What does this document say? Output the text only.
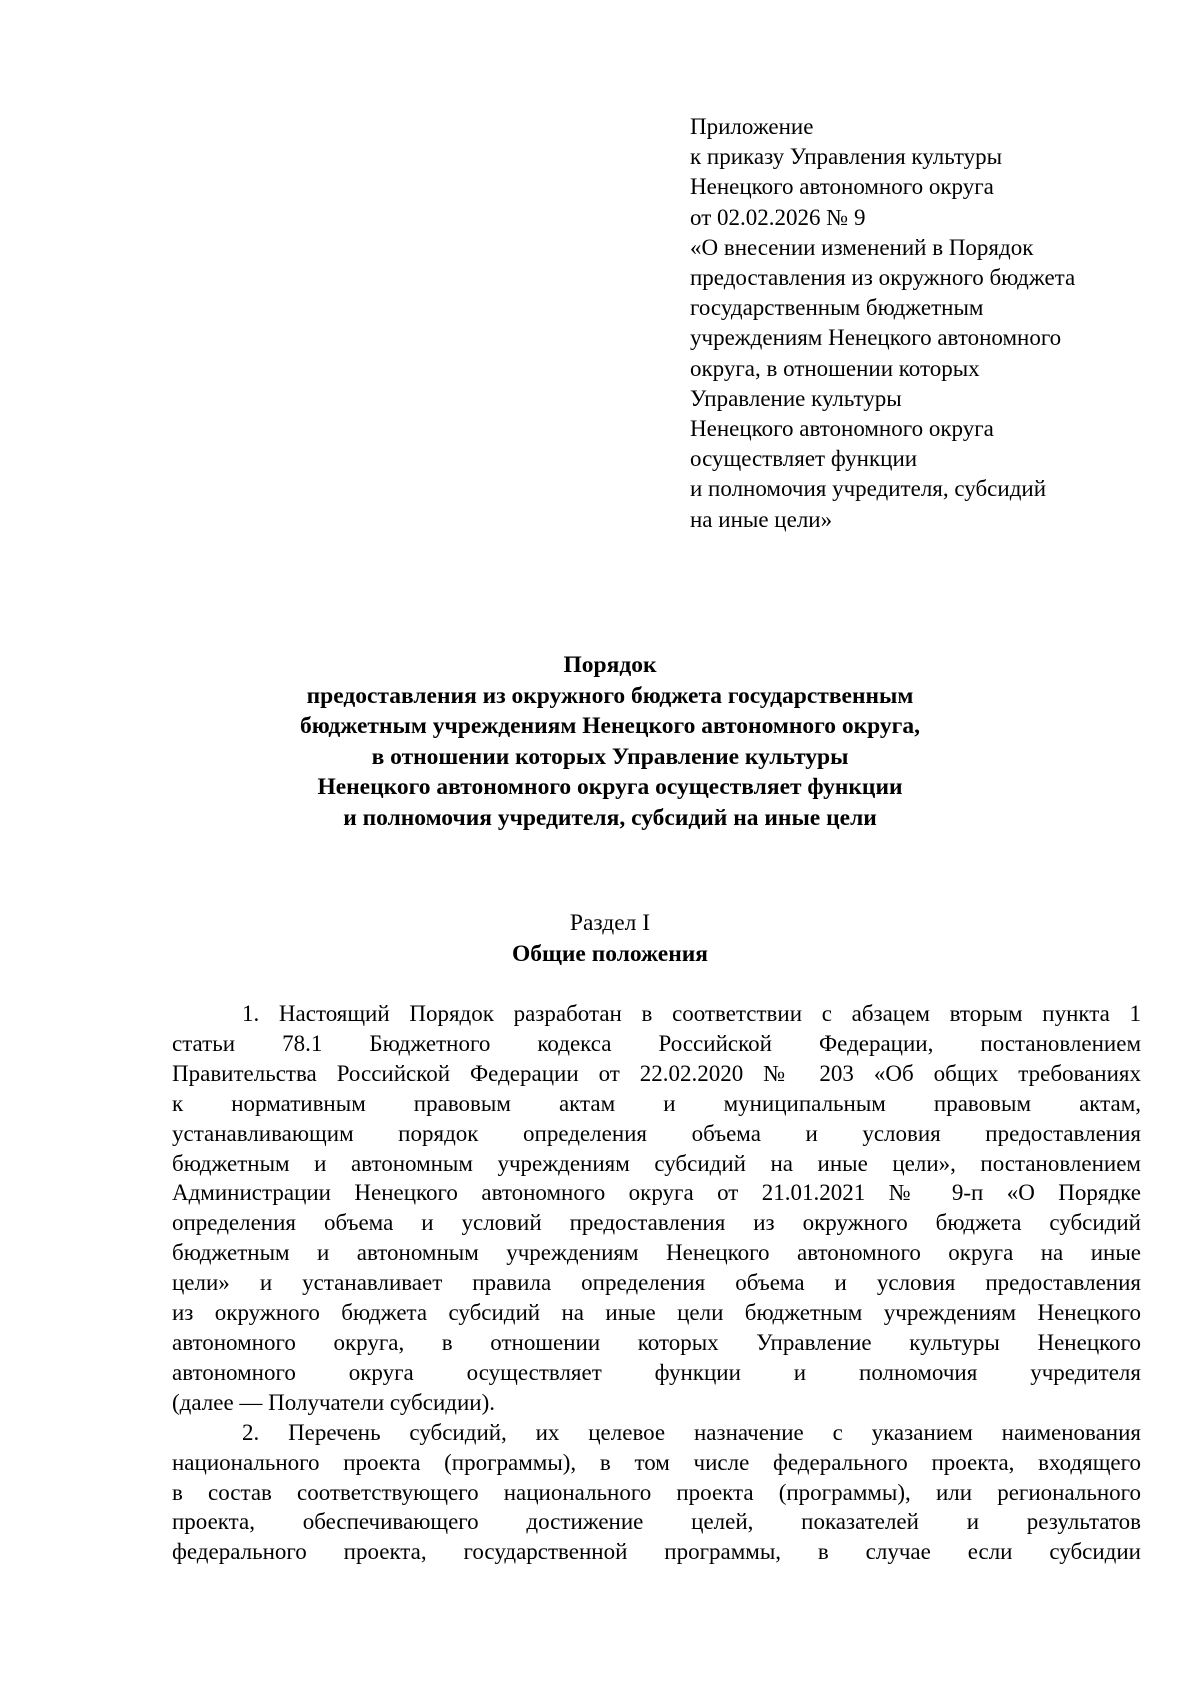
Приложение
к приказу Управления культуры
Ненецкого автономного округа
от 02.02.2026 № 9
«О внесении изменений в Порядок
предоставления из окружного бюджета
государственным бюджетным
учреждениям Ненецкого автономного
округа, в отношении которых
Управление культуры
Ненецкого автономного округа
осуществляет функции
и полномочия учредителя, субсидий
на иные цели»
Порядок
предоставления из окружного бюджета государственным
бюджетным учреждениям Ненецкого автономного округа,
в отношении которых Управление культуры
Ненецкого автономного округа осуществляет функции
и полномочия учредителя, субсидий на иные цели
Раздел I
Общие положения
1. Настоящий Порядок разработан в соответствии с абзацем вторым пункта 1
статьи 78.1 Бюджетного кодекса Российской Федерации, постановлением
Правительства Российской Федерации от 22.02.2020 № 203 «Об общих требованиях
к нормативным правовым актам и муниципальным правовым актам,
устанавливающим порядок определения объема и условия предоставления
бюджетным и автономным учреждениям субсидий на иные цели», постановлением
Администрации Ненецкого автономного округа от 21.01.2021 № 9-п «О Порядке
определения объема и условий предоставления из окружного бюджета субсидий
бюджетным и автономным учреждениям Ненецкого автономного округа на иные
цели» и устанавливает правила определения объема и условия предоставления
из окружного бюджета субсидий на иные цели бюджетным учреждениям Ненецкого
автономного округа, в отношении которых Управление культуры Ненецкого
автономного округа осуществляет функции и полномочия учредителя
(далее — Получатели субсидии).
2. Перечень субсидий, их целевое назначение с указанием наименования
национального проекта (программы), в том числе федерального проекта, входящего
в состав соответствующего национального проекта (программы), или регионального
проекта, обеспечивающего достижение целей, показателей и результатов
федерального проекта, государственной программы, в случае если субсидии
